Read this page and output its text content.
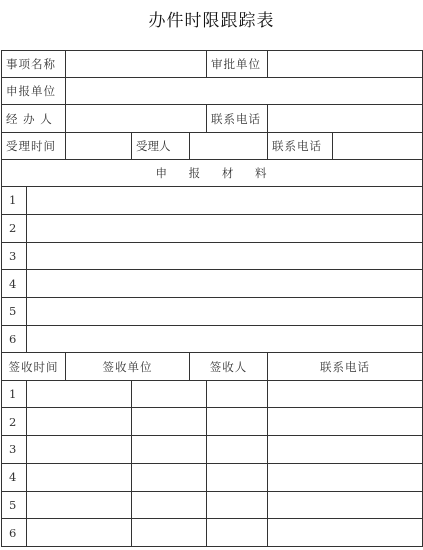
办件时限跟踪表
事项名称					审批单位		
申报单位							
经 办 人					联系电话		
受理时间			受理人			联系电话	
申 报 材 料							
1							
2							
3							
4							
5							
6							
签收时间		签收单位		签收人		联系电话	
1							
2							
3							
4							
5							
6							
